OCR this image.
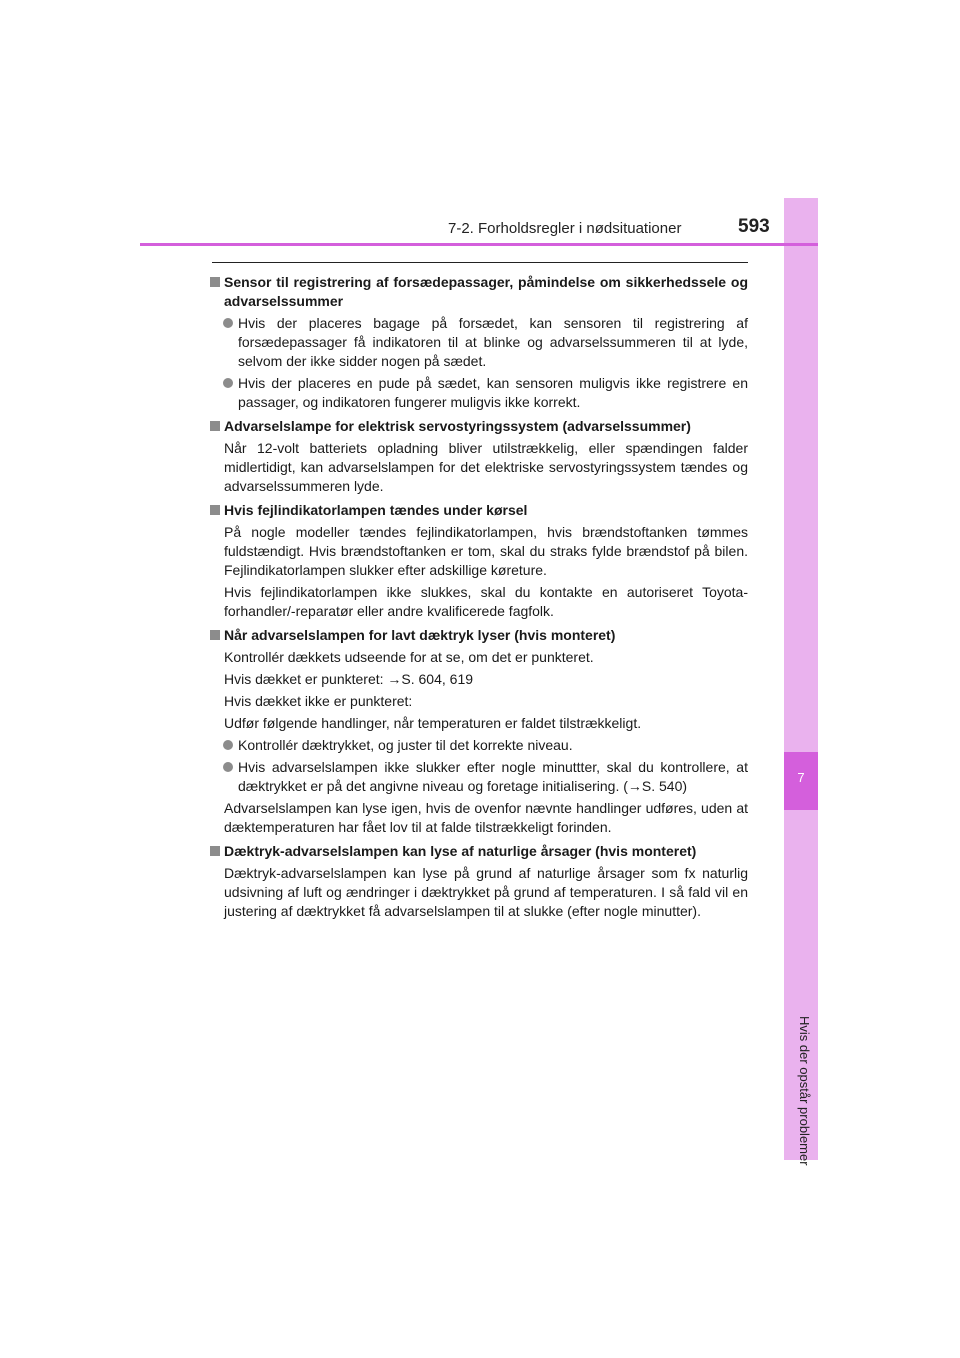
7
Hvis der opstår problemer
7-2. Forholdsregler i nødsituationer	593
Sensor til registrering af forsædepassager, påmindelse om sikkerhedssele og advarselssummer
Hvis der placeres bagage på forsædet, kan sensoren til registrering af forsædepassager få indikatoren til at blinke og advarselssummeren til at lyde, selvom der ikke sidder nogen på sædet.
Hvis der placeres en pude på sædet, kan sensoren muligvis ikke registrere en passager, og indikatoren fungerer muligvis ikke korrekt.
Advarselslampe for elektrisk servostyringssystem (advarselssummer)
Når 12-volt batteriets opladning bliver utilstrækkelig, eller spændingen falder midlertidigt, kan advarselslampen for det elektriske servostyringssystem tændes og advarselssummeren lyde.
Hvis fejlindikatorlampen tændes under kørsel
På nogle modeller tændes fejlindikatorlampen, hvis brændstoftanken tømmes fuldstændigt. Hvis brændstoftanken er tom, skal du straks fylde brændstof på bilen. Fejlindikatorlampen slukker efter adskillige køreture.
Hvis fejlindikatorlampen ikke slukkes, skal du kontakte en autoriseret Toyota-forhandler/-reparatør eller andre kvalificerede fagfolk.
Når advarselslampen for lavt dæktryk lyser (hvis monteret)
Kontrollér dækkets udseende for at se, om det er punkteret.
Hvis dækket er punkteret: →S. 604, 619
Hvis dækket ikke er punkteret:
Udfør følgende handlinger, når temperaturen er faldet tilstrækkeligt.
Kontrollér dæktrykket, og juster til det korrekte niveau.
Hvis advarselslampen ikke slukker efter nogle minuttter, skal du kontrollere, at dæktrykket er på det angivne niveau og foretage initialisering. (→S. 540)
Advarselslampen kan lyse igen, hvis de ovenfor nævnte handlinger udføres, uden at dæktemperaturen har fået lov til at falde tilstrækkeligt forinden.
Dæktryk-advarselslampen kan lyse af naturlige årsager (hvis monteret)
Dæktryk-advarselslampen kan lyse på grund af naturlige årsager som fx naturlig udsivning af luft og ændringer i dæktrykket på grund af temperaturen. I så fald vil en justering af dæktrykket få advarselslampen til at slukke (efter nogle minutter).
